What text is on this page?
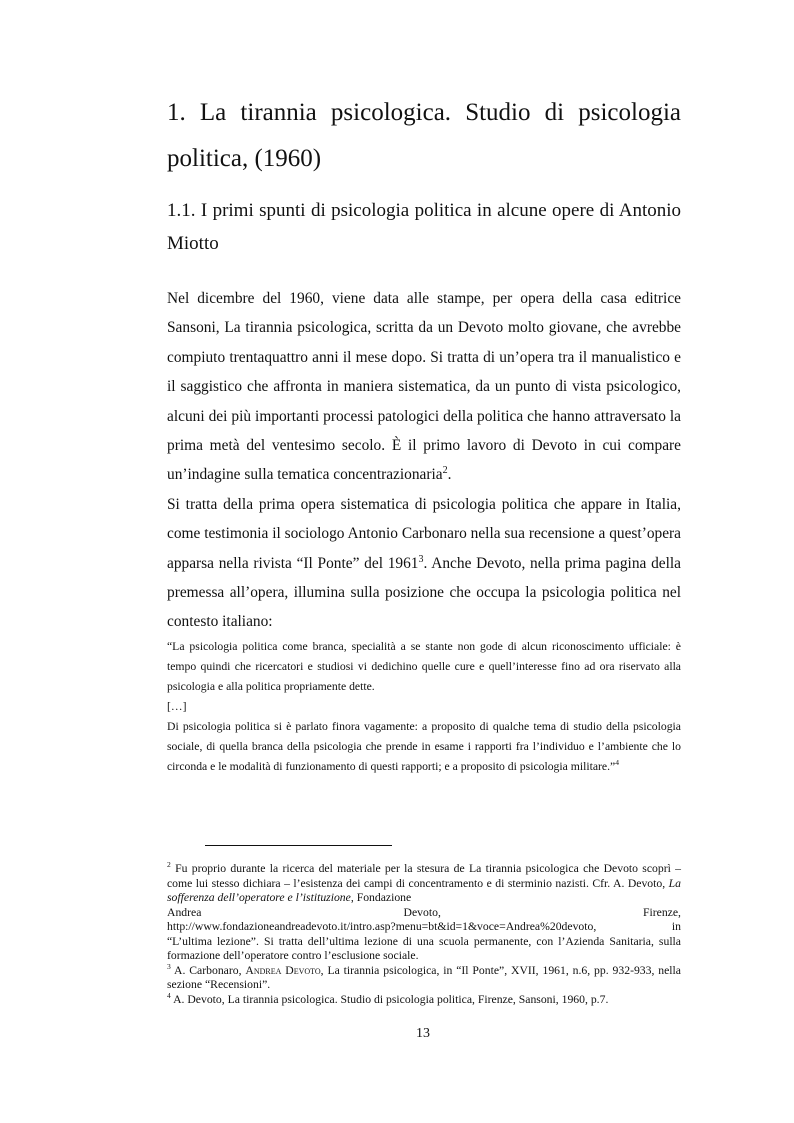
1. La tirannia psicologica. Studio di psicologia politica, (1960)
1.1. I primi spunti di psicologia politica in alcune opere di Antonio Miotto

Nel dicembre del 1960, viene data alle stampe, per opera della casa editrice Sansoni, La tirannia psicologica, scritta da un Devoto molto giovane, che avrebbe compiuto trentaquattro anni il mese dopo. Si tratta di un’opera tra il manualistico e il saggistico che affronta in maniera sistematica, da un punto di vista psicologico, alcuni dei più importanti processi patologici della politica che hanno attraversato la prima metà del ventesimo secolo. È il primo lavoro di Devoto in cui compare un’indagine sulla tematica concentrazionaria$^2$.

Si tratta della prima opera sistematica di psicologia politica che appare in Italia, come testimonia il sociologo Antonio Carbonaro nella sua recensione a quest’opera apparsa nella rivista “Il Ponte” del 1961$^3$. Anche Devoto, nella prima pagina della premessa all’opera, illumina sulla posizione che occupa la psicologia politica nel contesto italiano:

“La psicologia politica come branca, specialità a se stante non gode di alcun riconoscimento ufficiale: è tempo quindi che ricercatori e studiosi vi dedichino quelle cure e quell’interesse fino ad ora riservato alla psicologia e alla politica propriamente dette.

[…]

Di psicologia politica si è parlato finora vagamente: a proposito di qualche tema di studio della psicologia sociale, di quella branca della psicologia che prende in esame i rapporti fra l’individuo e l’ambiente che lo circonda e le modalità di funzionamento di questi rapporti; e a proposito di psicologia militare.”$^4$

$^2$ Fu proprio durante la ricerca del materiale per la stesura de La tirannia psicologica che Devoto scoprì – come lui stesso dichiara – l’esistenza dei campi di concentramento e di sterminio nazisti. Cfr. A. Devoto, La sofferenza dell’operatore e l’istituzione, Fondazione

Andrea	Devoto,	Firenze,
http://www.fondazioneandreadevoto.it/intro.asp?menu=bt&id=1&voce=Andrea%20devoto,	in

“L’ultima lezione”. Si tratta dell’ultima lezione di una scuola permanente, con l’Azienda Sanitaria, sulla formazione dell’operatore contro l’esclusione sociale.

$^3$ A. Carbonaro, Andrea Devoto, La tirannia psicologica, in “Il Ponte”, XVII, 1961, n.6, pp. 932-933, nella sezione “Recensioni”.

$^4$ A. Devoto, La tirannia psicologica. Studio di psicologia politica, Firenze, Sansoni, 1960, p.7.

13
